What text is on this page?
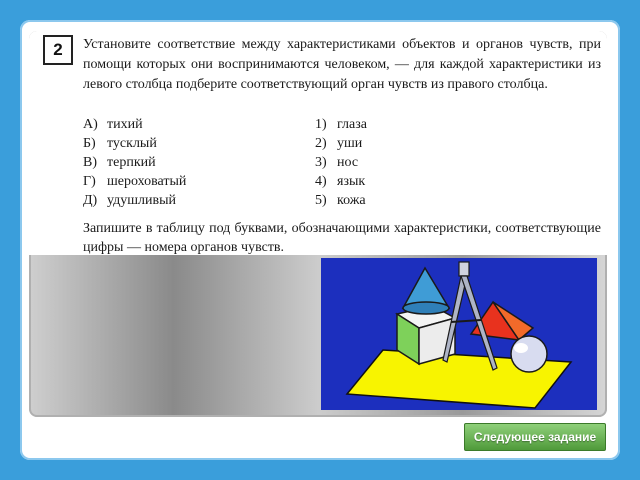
2	Установите соответствие между характеристиками объектов и органов чувств, при помощи которых они воспринимаются человеком, — для каждой характеристики из левого столбца подберите соответствующий орган чувств из правого столбца.
А) тихий
Б) тусклый
В) терпкий
Г) шероховатый
Д) удушливый
1) глаза
2) уши
3) нос
4) язык
5) кожа
Запишите в таблицу под буквами, обозначающими характеристики, соответствующие цифры — номера органов чувств.
Следующее задание
